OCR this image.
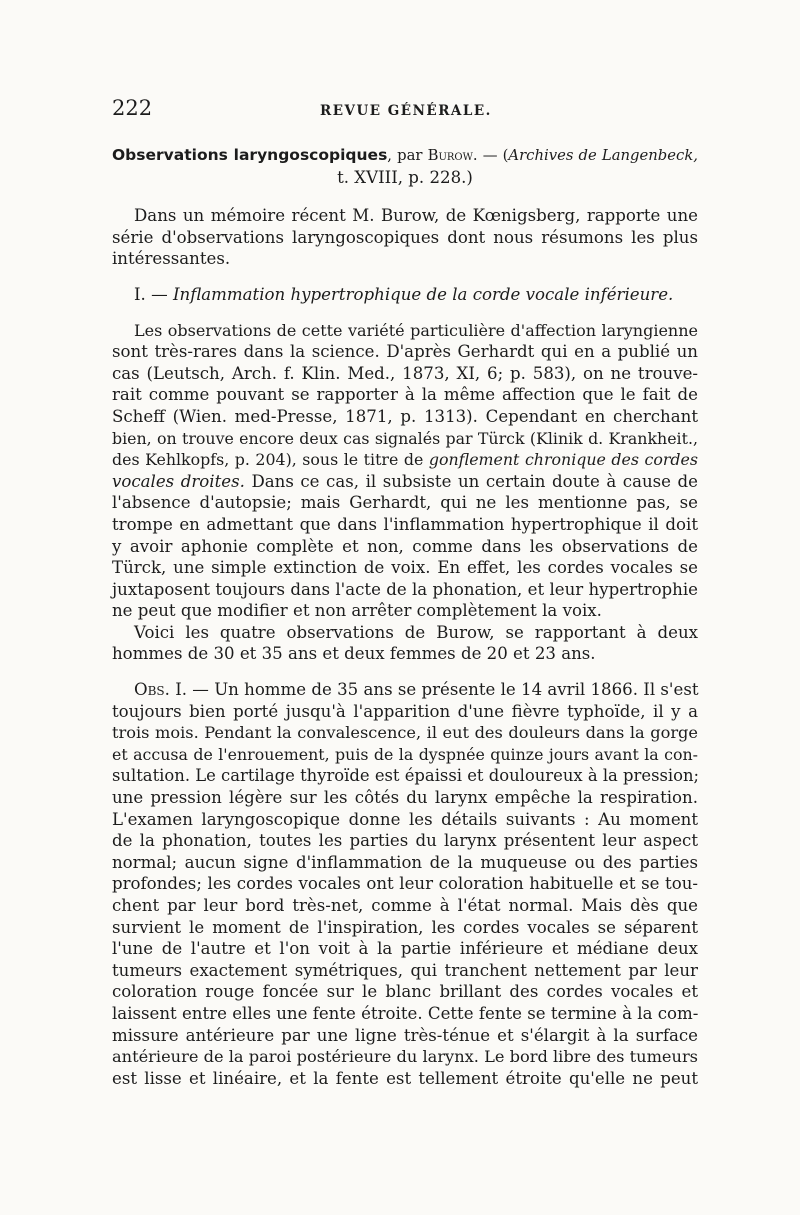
222	REVUE GÉNÉRALE.
Observations laryngoscopiques, par Burow. — (Archives de Langenbeck,
t. XVIII, p. 228.)
Dans un mémoire récent M. Burow, de Kœnigsberg, rapporte une
série d'observations laryngoscopiques dont nous résumons les plus
intéressantes.
I. — Inflammation hypertrophique de la corde vocale inférieure.
Les observations de cette variété particulière d'affection laryngienne
sont très-rares dans la science. D'après Gerhardt qui en a publié un
cas (Leutsch, Arch. f. Klin. Med., 1873, XI, 6; p. 583), on ne trouve-
rait comme pouvant se rapporter à la même affection que le fait de
Scheff (Wien. med-Presse, 1871, p. 1313). Cependant en cherchant
bien, on trouve encore deux cas signalés par Türck (Klinik d. Krankheit.,
des Kehlkopfs, p. 204), sous le titre de gonflement chronique des cordes
vocales droites. Dans ce cas, il subsiste un certain doute à cause de
l'absence d'autopsie; mais Gerhardt, qui ne les mentionne pas, se
trompe en admettant que dans l'inflammation hypertrophique il doit
y avoir aphonie complète et non, comme dans les observations de
Türck, une simple extinction de voix. En effet, les cordes vocales se
juxtaposent toujours dans l'acte de la phonation, et leur hypertrophie
ne peut que modifier et non arrêter complètement la voix.
Voici les quatre observations de Burow, se rapportant à deux
hommes de 30 et 35 ans et deux femmes de 20 et 23 ans.
Obs. I. — Un homme de 35 ans se présente le 14 avril 1866. Il s'est
toujours bien porté jusqu'à l'apparition d'une fièvre typhoïde, il y a
trois mois. Pendant la convalescence, il eut des douleurs dans la gorge
et accusa de l'enrouement, puis de la dyspnée quinze jours avant la con-
sultation. Le cartilage thyroïde est épaissi et douloureux à la pression;
une pression légère sur les côtés du larynx empêche la respiration.
L'examen laryngoscopique donne les détails suivants : Au moment
de la phonation, toutes les parties du larynx présentent leur aspect
normal; aucun signe d'inflammation de la muqueuse ou des parties
profondes; les cordes vocales ont leur coloration habituelle et se tou-
chent par leur bord très-net, comme à l'état normal. Mais dès que
survient le moment de l'inspiration, les cordes vocales se séparent
l'une de l'autre et l'on voit à la partie inférieure et médiane deux
tumeurs exactement symétriques, qui tranchent nettement par leur
coloration rouge foncée sur le blanc brillant des cordes vocales et
laissent entre elles une fente étroite. Cette fente se termine à la com-
missure antérieure par une ligne très-ténue et s'élargit à la surface
antérieure de la paroi postérieure du larynx. Le bord libre des tumeurs
est lisse et linéaire, et la fente est tellement étroite qu'elle ne peut
